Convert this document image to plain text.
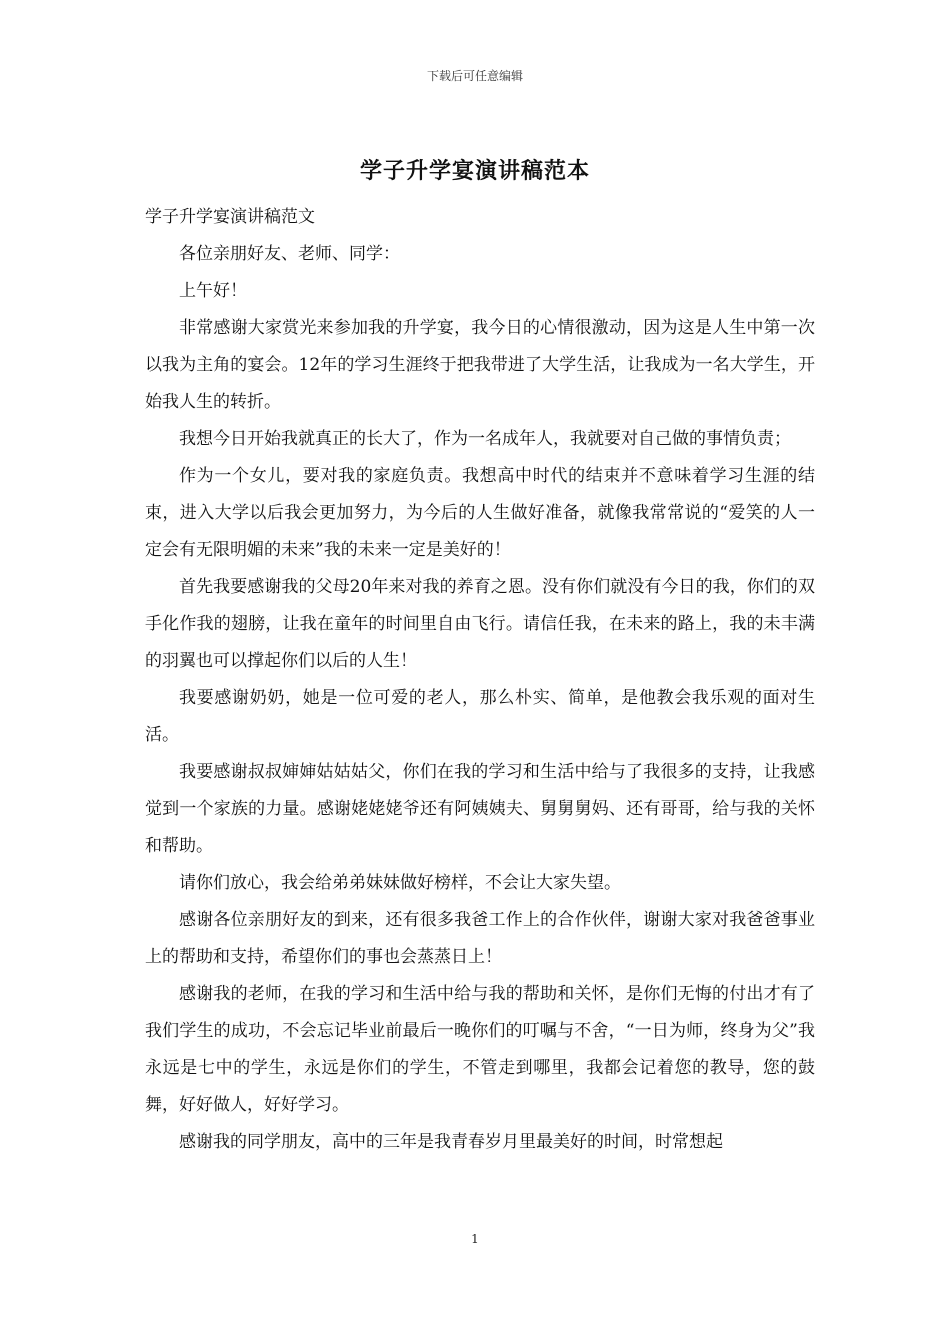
下载后可任意编辑
学子升学宴演讲稿范本

学子升学宴演讲稿范文

各位亲朋好友、老师、同学：

上午好！

非常感谢大家赏光来参加我的升学宴，我今日的心情很激动，因为这是人生中第一次以我为主角的宴会。12年的学习生涯终于把我带进了大学生活，让我成为一名大学生，开始我人生的转折。

我想今日开始我就真正的长大了，作为一名成年人，我就要对自己做的事情负责；

作为一个女儿，要对我的家庭负责。我想高中时代的结束并不意味着学习生涯的结束，进入大学以后我会更加努力，为今后的人生做好准备，就像我常常说的“爱笑的人一定会有无限明媚的未来”我的未来一定是美好的！

首先我要感谢我的父母20年来对我的养育之恩。没有你们就没有今日的我，你们的双手化作我的翅膀，让我在童年的时间里自由飞行。请信任我，在未来的路上，我的未丰满的羽翼也可以撑起你们以后的人生！

我要感谢奶奶，她是一位可爱的老人，那么朴实、简单，是他教会我乐观的面对生活。

我要感谢叔叔婶婶姑姑姑父，你们在我的学习和生活中给与了我很多的支持，让我感觉到一个家族的力量。感谢姥姥姥爷还有阿姨姨夫、舅舅舅妈、还有哥哥，给与我的关怀和帮助。

请你们放心，我会给弟弟妹妹做好榜样，不会让大家失望。

感谢各位亲朋好友的到来，还有很多我爸工作上的合作伙伴，谢谢大家对我爸爸事业上的帮助和支持，希望你们的事也会蒸蒸日上！

感谢我的老师，在我的学习和生活中给与我的帮助和关怀，是你们无悔的付出才有了我们学生的成功，不会忘记毕业前最后一晚你们的叮嘱与不舍，“一日为师，终身为父”我永远是七中的学生，永远是你们的学生，不管走到哪里，我都会记着您的教导，您的鼓舞，好好做人，好好学习。

感谢我的同学朋友，高中的三年是我青春岁月里最美好的时间，时常想起

1
